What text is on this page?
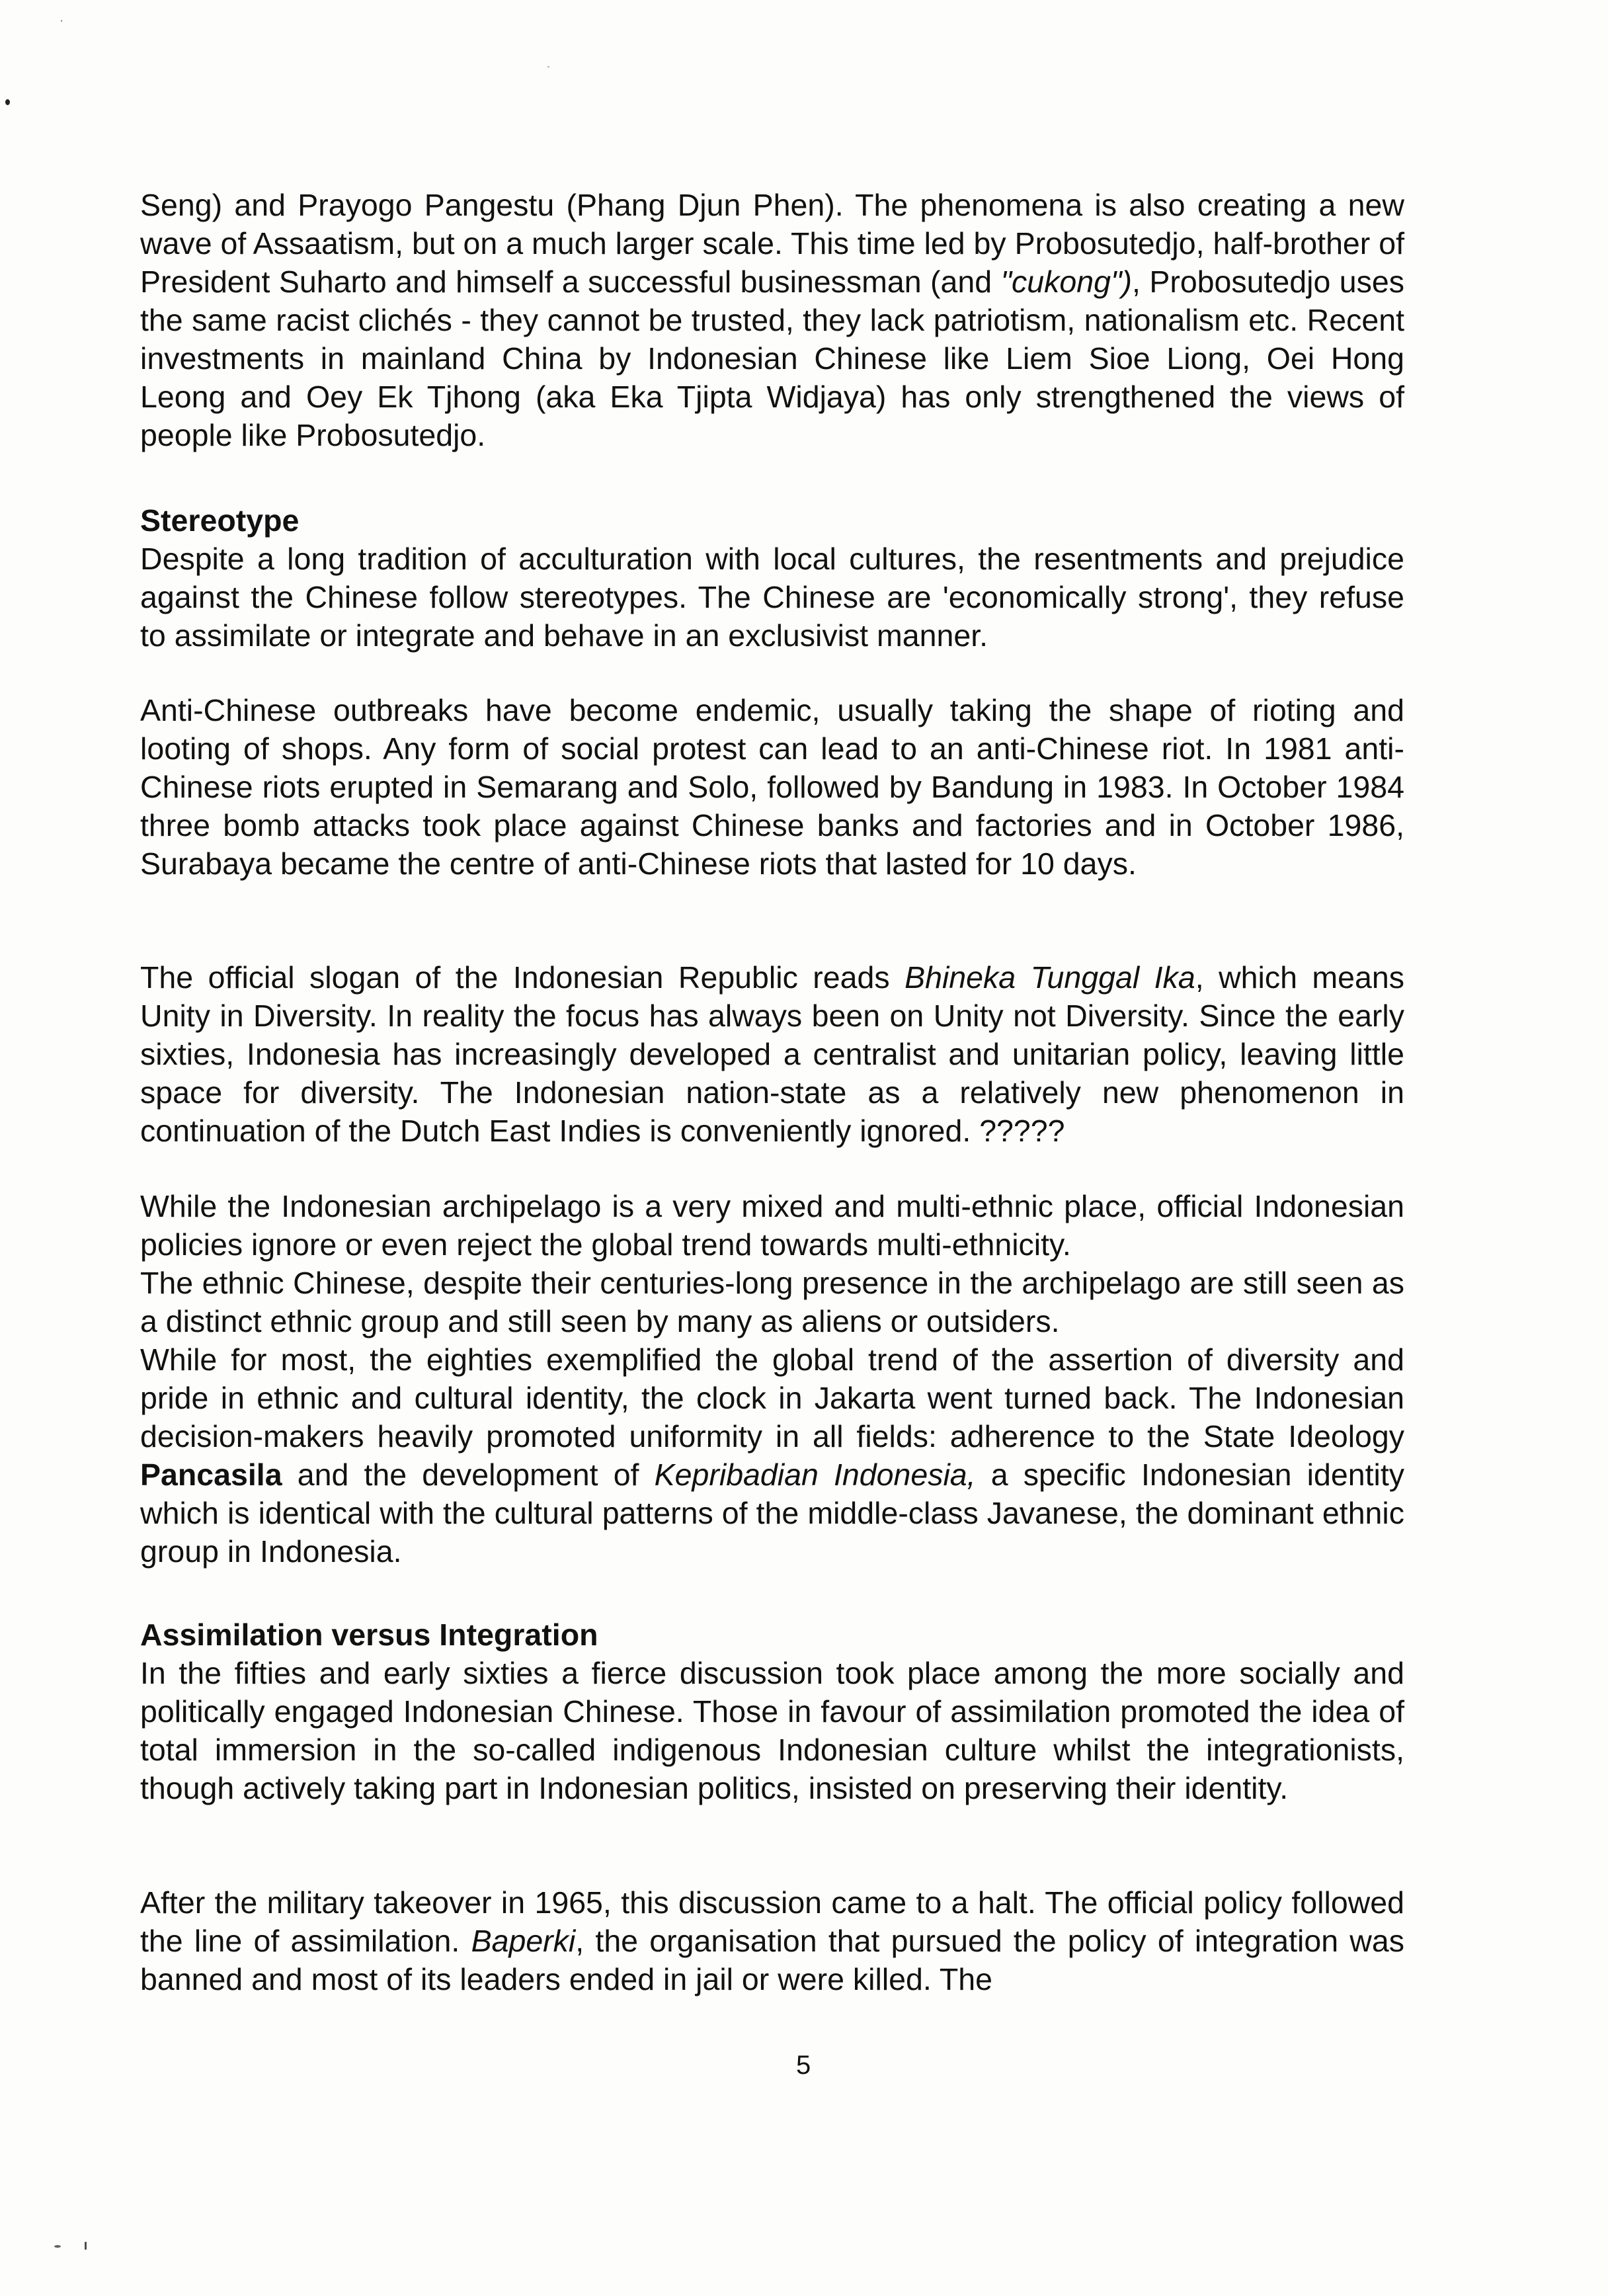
Seng) and Prayogo Pangestu (Phang Djun Phen). The phenomena is also creating a new wave of Assaatism, but on a much larger scale. This time led by Probosutedjo, half-brother of President Suharto and himself a successful businessman (and "cukong"), Probosutedjo uses the same racist clichés - they cannot be trusted, they lack patriotism, nationalism etc. Recent investments in mainland China by Indonesian Chinese like Liem Sioe Liong, Oei Hong Leong and Oey Ek Tjhong (aka Eka Tjipta Widjaya) has only strengthened the views of people like Probosutedjo.

Stereotype

Despite a long tradition of acculturation with local cultures, the resentments and prejudice against the Chinese follow stereotypes. The Chinese are 'economically strong', they refuse to assimilate or integrate and behave in an exclusivist manner.

Anti-Chinese outbreaks have become endemic, usually taking the shape of rioting and looting of shops. Any form of social protest can lead to an anti-Chinese riot. In 1981 anti-Chinese riots erupted in Semarang and Solo, followed by Bandung in 1983. In October 1984 three bomb attacks took place against Chinese banks and factories and in October 1986, Surabaya became the centre of anti-Chinese riots that lasted for 10 days.

The official slogan of the Indonesian Republic reads Bhineka Tunggal Ika, which means Unity in Diversity. In reality the focus has always been on Unity not Diversity. Since the early sixties, Indonesia has increasingly developed a centralist and unitarian policy, leaving little space for diversity. The Indonesian nation-state as a relatively new phenomenon in continuation of the Dutch East Indies is conveniently ignored. ?????

While the Indonesian archipelago is a very mixed and multi-ethnic place, official Indonesian policies ignore or even reject the global trend towards multi-ethnicity.

The ethnic Chinese, despite their centuries-long presence in the archipelago are still seen as a distinct ethnic group and still seen by many as aliens or outsiders.

While for most, the eighties exemplified the global trend of the assertion of diversity and pride in ethnic and cultural identity, the clock in Jakarta went turned back. The Indonesian decision-makers heavily promoted uniformity in all fields: adherence to the State Ideology Pancasila and the development of Kepribadian Indonesia, a specific Indonesian identity which is identical with the cultural patterns of the middle-class Javanese, the dominant ethnic group in Indonesia.

Assimilation versus Integration

In the fifties and early sixties a fierce discussion took place among the more socially and politically engaged Indonesian Chinese. Those in favour of assimilation promoted the idea of total immersion in the so-called indigenous Indonesian culture whilst the integrationists, though actively taking part in Indonesian politics, insisted on preserving their identity.

After the military takeover in 1965, this discussion came to a halt. The official policy followed the line of assimilation. Baperki, the organisation that pursued the policy of integration was banned and most of its leaders ended in jail or were killed. The

5
